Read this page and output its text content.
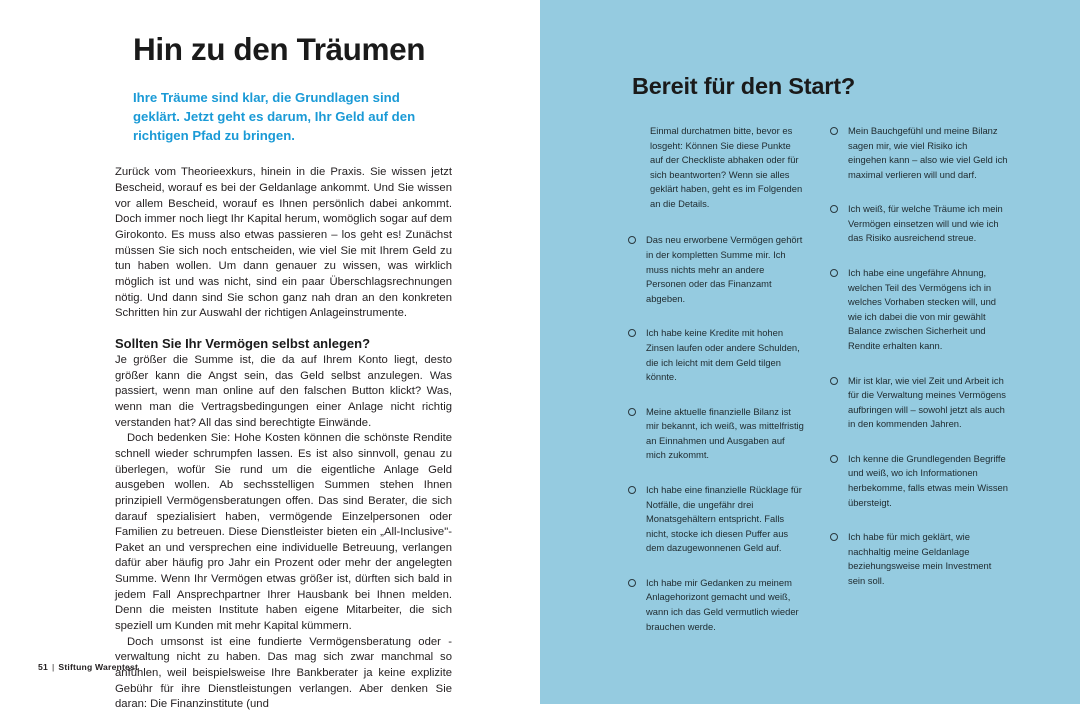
Hin zu den Träumen

Ihre Träume sind klar, die Grundlagen sind geklärt. Jetzt geht es darum, Ihr Geld auf den richtigen Pfad zu bringen.

Zurück vom Theorieexkurs, hinein in die Praxis. Sie wissen jetzt Bescheid, worauf es bei der Geldanlage ankommt. Und Sie wissen vor allem Bescheid, worauf es Ihnen persönlich dabei ankommt. Doch immer noch liegt Ihr Kapital herum, womöglich sogar auf dem Girokonto. Es muss also etwas passieren – los geht es! Zunächst müssen Sie sich noch entscheiden, wie viel Sie mit Ihrem Geld zu tun haben wollen. Um dann genauer zu wissen, was wirklich möglich ist und was nicht, sind ein paar Überschlagsrechnungen nötig. Und dann sind Sie schon ganz nah dran an den konkreten Schritten hin zur Auswahl der richtigen Anlageinstrumente.

Sollten Sie Ihr Vermögen selbst anlegen?

Je größer die Summe ist, die da auf Ihrem Konto liegt, desto größer kann die Angst sein, das Geld selbst anzulegen. Was passiert, wenn man online auf den falschen Button klickt? Was, wenn man die Vertragsbedingungen einer Anlage nicht richtig verstanden hat? All das sind berechtigte Einwände.

Doch bedenken Sie: Hohe Kosten können die schönste Rendite schnell wieder schrumpfen lassen. Es ist also sinnvoll, genau zu überlegen, wofür Sie rund um die eigentliche Anlage Geld ausgeben wollen. Ab sechsstelligen Summen stehen Ihnen prinzipiell Vermögensberatungen offen. Das sind Berater, die sich darauf spezialisiert haben, vermögende Einzelpersonen oder Familien zu betreuen. Diese Dienstleister bieten ein „All-Inclusive"-Paket an und versprechen eine individuelle Betreuung, verlangen dafür aber häufig pro Jahr ein Prozent oder mehr der angelegten Summe. Wenn Ihr Vermögen etwas größer ist, dürften sich bald in jedem Fall Ansprechpartner Ihrer Hausbank bei Ihnen melden. Denn die meisten Institute haben eigene Mitarbeiter, die sich speziell um Kunden mit mehr Kapital kümmern.

Doch umsonst ist eine fundierte Vermögensberatung oder -verwaltung nicht zu haben. Das mag sich zwar manchmal so anfühlen, weil beispielsweise Ihre Bankberater ja keine explizite Gebühr für ihre Dienstleistungen verlangen. Aber denken Sie daran: Die Finanzinstitute (und

51 | Stiftung Warentest
Bereit für den Start?

Einmal durchatmen bitte, bevor es losgeht: Können Sie diese Punkte auf der Checkliste abhaken oder für sich beantworten? Wenn sie alles geklärt haben, geht es im Folgenden an die Details.

Das neu erworbene Vermögen gehört in der kompletten Summe mir. Ich muss nichts mehr an andere Personen oder das Finanzamt abgeben.
Ich habe keine Kredite mit hohen Zinsen laufen oder andere Schulden, die ich leicht mit dem Geld tilgen könnte.
Meine aktuelle finanzielle Bilanz ist mir bekannt, ich weiß, was mittelfristig an Einnahmen und Ausgaben auf mich zukommt.
Ich habe eine finanzielle Rücklage für Notfälle, die ungefähr drei Monatsgehältern entspricht. Falls nicht, stocke ich diesen Puffer aus dem dazugewonnenen Geld auf.
Ich habe mir Gedanken zu meinem Anlagehorizont gemacht und weiß, wann ich das Geld vermutlich wieder brauchen werde.
Mein Bauchgefühl und meine Bilanz sagen mir, wie viel Risiko ich eingehen kann – also wie viel Geld ich maximal verlieren will und darf.
Ich weiß, für welche Träume ich mein Vermögen einsetzen will und wie ich das Risiko ausreichend streue.
Ich habe eine ungefähre Ahnung, welchen Teil des Vermögens ich in welches Vorhaben stecken will, und wie ich dabei die von mir gewählt Balance zwischen Sicherheit und Rendite erhalten kann.
Mir ist klar, wie viel Zeit und Arbeit ich für die Verwaltung meines Vermögens aufbringen will – sowohl jetzt als auch in den kommenden Jahren.
Ich kenne die Grundlegenden Begriffe und weiß, wo ich Informationen herbekomme, falls etwas mein Wissen übersteigt.
Ich habe für mich geklärt, wie nachhaltig meine Geldanlage beziehungsweise mein Investment sein soll.
